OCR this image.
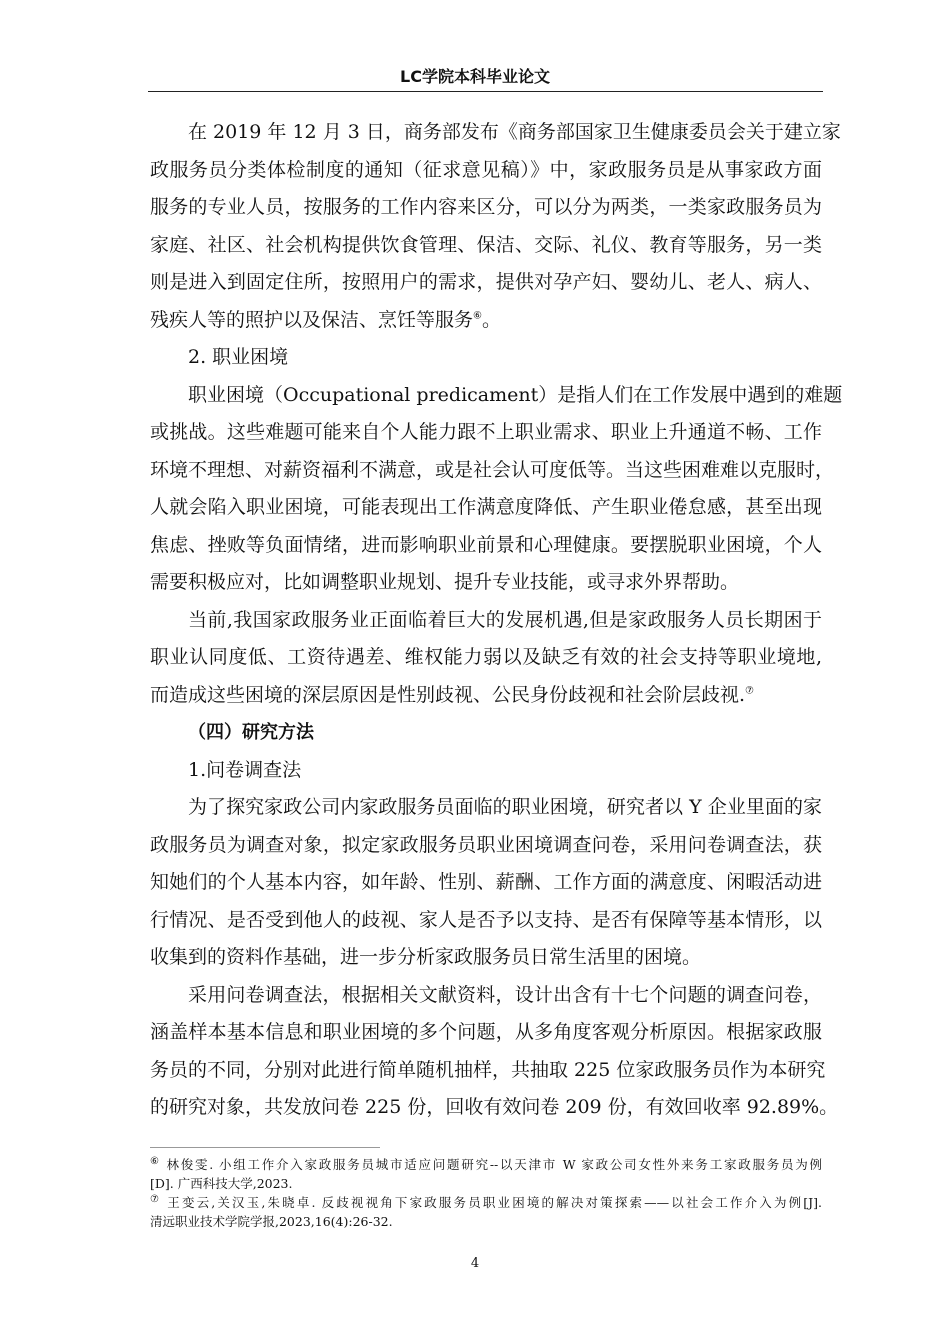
LC学院本科毕业论文
在 2019 年 12 月 3 日，商务部发布《商务部国家卫生健康委员会关于建立家
政服务员分类体检制度的通知（征求意见稿）》中，家政服务员是从事家政方面
服务的专业人员，按服务的工作内容来区分，可以分为两类，一类家政服务员为
家庭、社区、社会机构提供饮食管理、保洁、交际、礼仪、教育等服务，另一类
则是进入到固定住所，按照用户的需求，提供对孕产妇、婴幼儿、老人、病人、
残疾人等的照护以及保洁、烹饪等服务⑥。
2. 职业困境
职业困境（Occupational predicament）是指人们在工作发展中遇到的难题
或挑战。这些难题可能来自个人能力跟不上职业需求、职业上升通道不畅、工作
环境不理想、对薪资福利不满意，或是社会认可度低等。当这些困难难以克服时，
人就会陷入职业困境，可能表现出工作满意度降低、产生职业倦怠感，甚至出现
焦虑、挫败等负面情绪，进而影响职业前景和心理健康。要摆脱职业困境，个人
需要积极应对，比如调整职业规划、提升专业技能，或寻求外界帮助。
当前,我国家政服务业正面临着巨大的发展机遇,但是家政服务人员长期困于
职业认同度低、工资待遇差、维权能力弱以及缺乏有效的社会支持等职业境地,
而造成这些困境的深层原因是性别歧视、公民身份歧视和社会阶层歧视.⑦
（四）研究方法
1.问卷调查法
为了探究家政公司内家政服务员面临的职业困境，研究者以 Y 企业里面的家
政服务员为调查对象，拟定家政服务员职业困境调查问卷，采用问卷调查法，获
知她们的个人基本内容，如年龄、性别、薪酬、工作方面的满意度、闲暇活动进
行情况、是否受到他人的歧视、家人是否予以支持、是否有保障等基本情形，以
收集到的资料作基础，进一步分析家政服务员日常生活里的困境。
采用问卷调查法，根据相关文献资料，设计出含有十七个问题的调查问卷，
涵盖样本基本信息和职业困境的多个问题，从多角度客观分析原因。根据家政服
务员的不同，分别对此进行简单随机抽样，共抽取 225 位家政服务员作为本研究
的研究对象，共发放问卷 225 份，回收有效问卷 209 份，有效回收率 92.89%。
⑥ 林俊雯. 小组工作介入家政服务员城市适应问题研究--以天津市 W 家政公司女性外来务工家政服务员为例
[D]. 广西科技大学,2023.
⑦ 王变云,关汉玉,朱晓卓. 反歧视视角下家政服务员职业困境的解决对策探索——以社会工作介入为例[J].
清远职业技术学院学报,2023,16(4):26-32.
4
